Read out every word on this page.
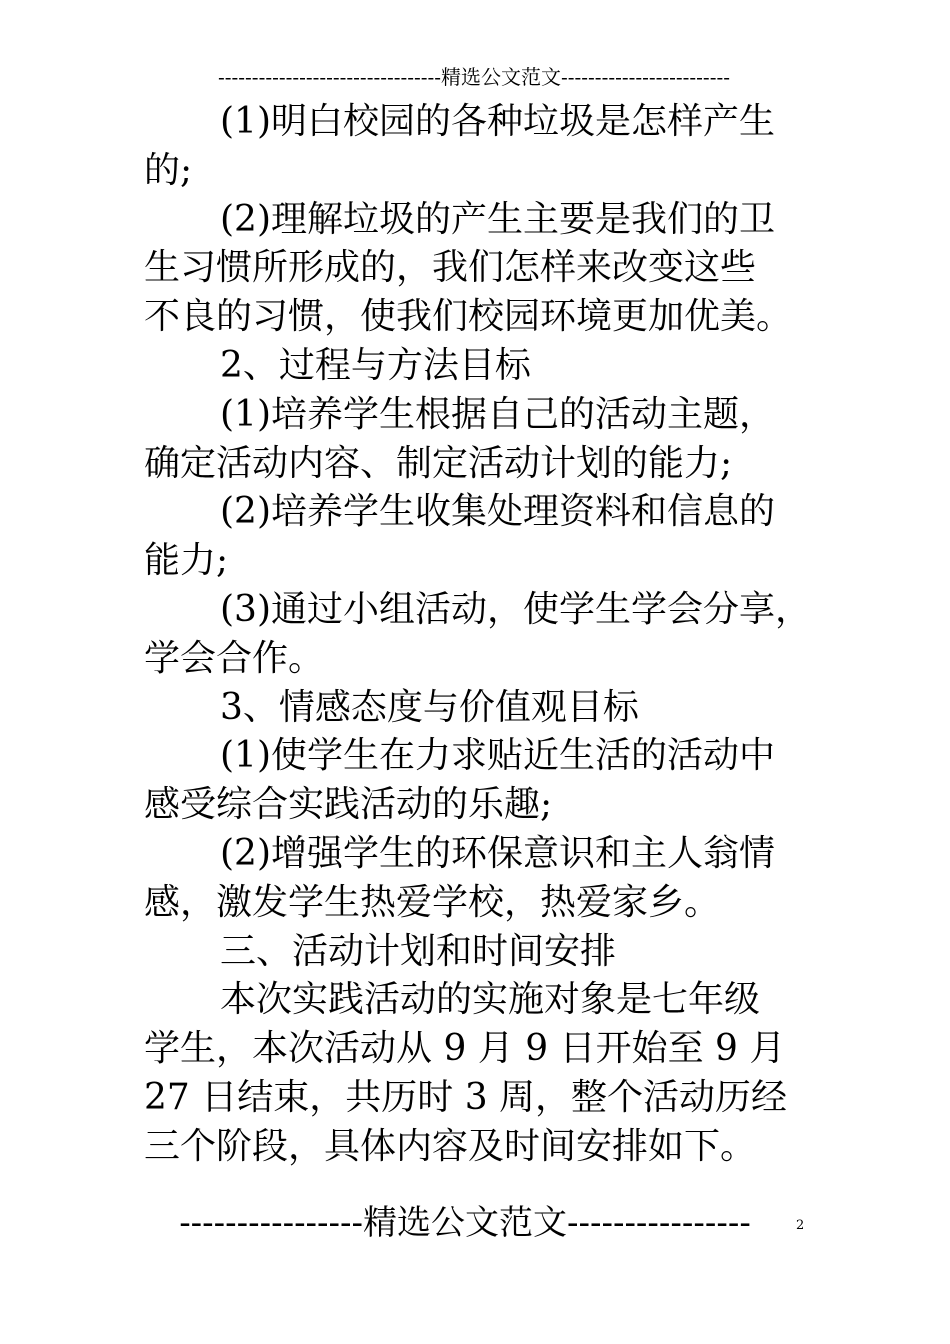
---------------------------------精选公文范文-------------------------
(1)明白校园的各种垃圾是怎样产生
的;
(2)理解垃圾的产生主要是我们的卫
生习惯所形成的，我们怎样来改变这些
不良的习惯，使我们校园环境更加优美。
2、过程与方法目标
(1)培养学生根据自己的活动主题，
确定活动内容、制定活动计划的能力;
(2)培养学生收集处理资料和信息的
能力;
(3)通过小组活动，使学生学会分享，
学会合作。
3、情感态度与价值观目标
(1)使学生在力求贴近生活的活动中
感受综合实践活动的乐趣;
(2)增强学生的环保意识和主人翁情
感，激发学生热爱学校，热爱家乡。
三、活动计划和时间安排
本次实践活动的实施对象是七年级
学生，本次活动从 9 月 9 日开始至 9 月
27 日结束，共历时 3 周，整个活动历经
三个阶段，具体内容及时间安排如下。
----------------精选公文范文----------------	2
